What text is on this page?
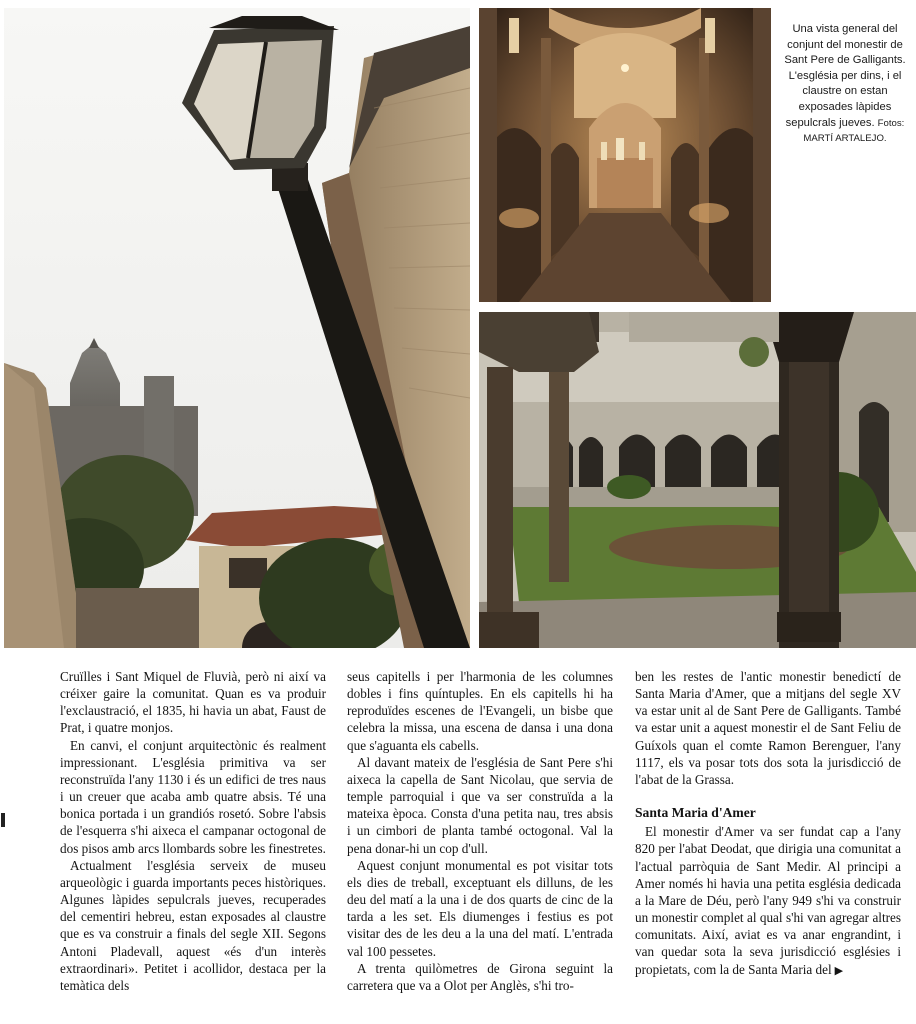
Una vista general del conjunt del monestir de Sant Pere de Galligants. L'església per dins, i el claustre on estan exposades làpides sepulcrals jueves. Fotos: MARTÍ ARTALEJO.

Cruïlles i Sant Miquel de Fluvià, però ni així va créixer gaire la comunitat. Quan es va produir l'exclaustració, el 1835, hi havia un abat, Faust de Prat, i quatre monjos.

En canvi, el conjunt arquitectònic és realment impressionant. L'església primitiva va ser reconstruïda l'any 1130 i és un edifici de tres naus i un creuer que acaba amb quatre absis. Té una bonica portada i un grandiós rosetó. Sobre l'absis de l'esquerra s'hi aixeca el campanar octogonal de dos pisos amb arcs llombards sobre les finestretes.

Actualment l'església serveix de museu arqueològic i guarda importants peces històriques. Algunes làpides sepulcrals jueves, recuperades del cementiri hebreu, estan exposades al claustre que es va construir a finals del segle XII. Segons Antoni Pladevall, aquest «és d'un interès extraordinari». Petitet i acollidor, destaca per la temàtica dels

seus capitells i per l'harmonia de les columnes dobles i fins quíntuples. En els capitells hi ha reproduïdes escenes de l'Evangeli, un bisbe que celebra la missa, una escena de dansa i una dona que s'aguanta els cabells.

Al davant mateix de l'església de Sant Pere s'hi aixeca la capella de Sant Nicolau, que servia de temple parroquial i que va ser construïda a la mateixa època. Consta d'una petita nau, tres absis i un cimbori de planta també octogonal. Val la pena donar-hi un cop d'ull.

Aquest conjunt monumental es pot visitar tots els dies de treball, exceptuant els dilluns, de les deu del matí a la una i de dos quarts de cinc de la tarda a les set. Els diumenges i festius es pot visitar des de les deu a la una del matí. L'entrada val 100 pessetes.

A trenta quilòmetres de Girona seguint la carretera que va a Olot per Anglès, s'hi tro-

ben les restes de l'antic monestir benedictí de Santa Maria d'Amer, que a mitjans del segle XV va estar unit al de Sant Pere de Galligants. També va estar unit a aquest monestir el de Sant Feliu de Guíxols quan el comte Ramon Berenguer, l'any 1117, els va posar tots dos sota la jurisdicció de l'abat de la Grassa.

Santa Maria d'Amer

El monestir d'Amer va ser fundat cap a l'any 820 per l'abat Deodat, que dirigia una comunitat a l'actual parròquia de Sant Medir. Al principi a Amer només hi havia una petita església dedicada a la Mare de Déu, però l'any 949 s'hi va construir un monestir complet al qual s'hi van agregar altres comunitats. Així, aviat es va anar engrandint, i van quedar sota la seva jurisdicció esglésies i propietats, com la de Santa Maria del ▶
